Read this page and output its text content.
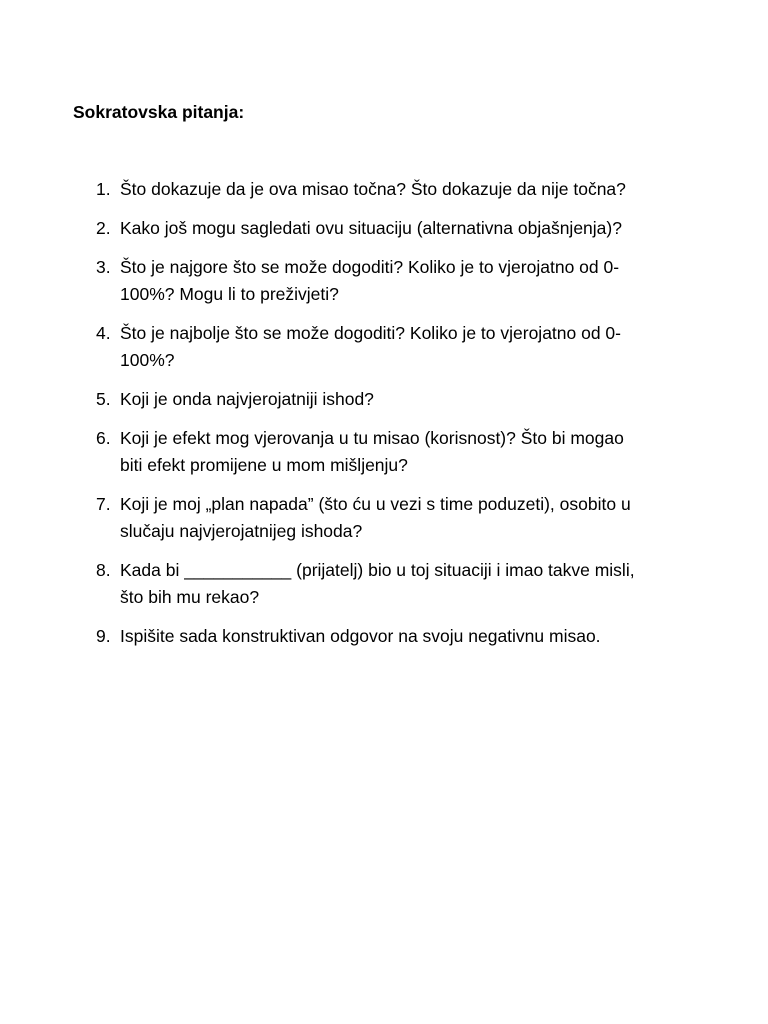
Sokratovska pitanja:
1. Što dokazuje da je ova misao točna? Što dokazuje da nije točna?
2. Kako još mogu sagledati ovu situaciju (alternativna objašnjenja)?
3. Što je najgore što se može dogoditi? Koliko je to vjerojatno od 0-
100%? Mogu li to preživjeti?
4. Što je najbolje što se može dogoditi? Koliko je to vjerojatno od 0-
100%?
5. Koji je onda najvjerojatniji ishod?
6. Koji je efekt mog vjerovanja u tu misao (korisnost)? Što bi mogao
biti efekt promijene u mom mišljenju?
7. Koji je moj „plan napada” (što ću u vezi s time poduzeti), osobito u
slučaju najvjerojatnijeg ishoda?
8. Kada bi ___________ (prijatelj) bio u toj situaciji i imao takve misli,
što bih mu rekao?
9. Ispišite sada konstruktivan odgovor na svoju negativnu misao.
